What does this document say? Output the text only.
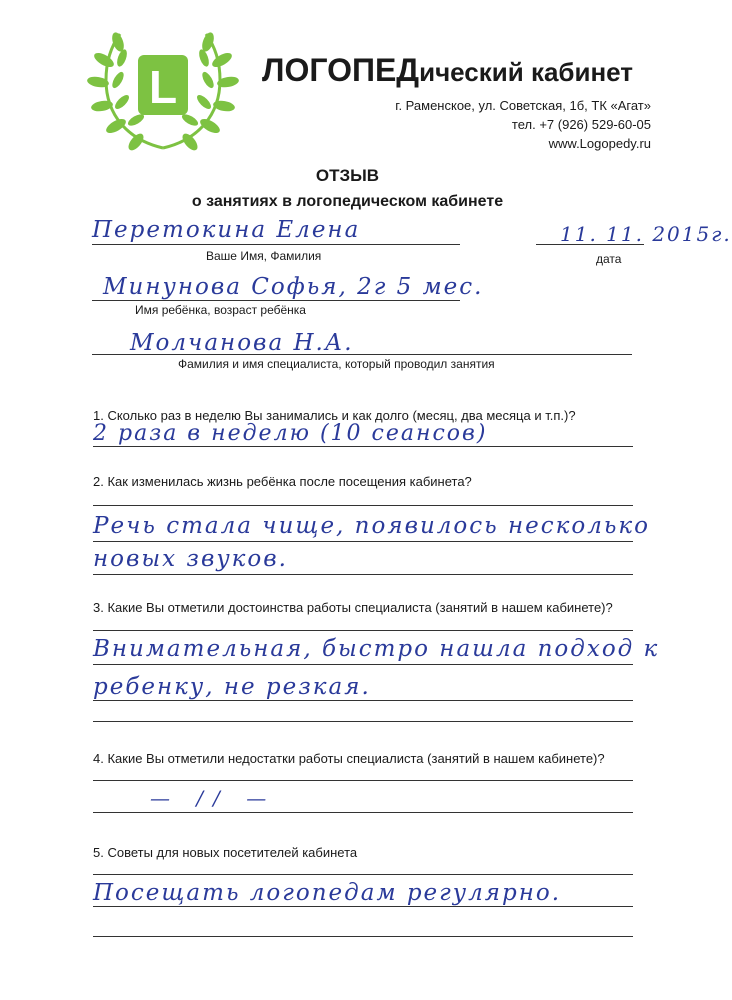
L	ЛОГОПЕДический кабинет
г. Раменское, ул. Советская, 1б, ТК «Агат»
тел. +7 (926) 529-60-05
www.Logopedy.ru
ОТЗЫВ
о занятиях в логопедическом кабинете
Перетокина Елена
Ваше Имя, Фамилия
11. 11. 2015г.
дата
Минунова Софья, 2г 5 мес.
Имя ребёнка, возраст ребёнка
Молчанова Н.А.
Фамилия и имя специалиста, который проводил занятия
1. Сколько раз в неделю Вы занимались и как долго (месяц, два месяца и т.п.)?
2 раза в неделю (10 сеансов)
2. Как изменилась жизнь ребёнка после посещения кабинета?
Речь стала чище, появилось несколько
новых звуков.
3. Какие Вы отметили достоинства работы специалиста (занятий в нашем кабинете)?
Внимательная, быстро нашла подход к
ребенку, не резкая.
4. Какие Вы отметили недостатки работы специалиста (занятий в нашем кабинете)?
— // —
5. Советы для новых посетителей кабинета
Посещать логопедам регулярно.
